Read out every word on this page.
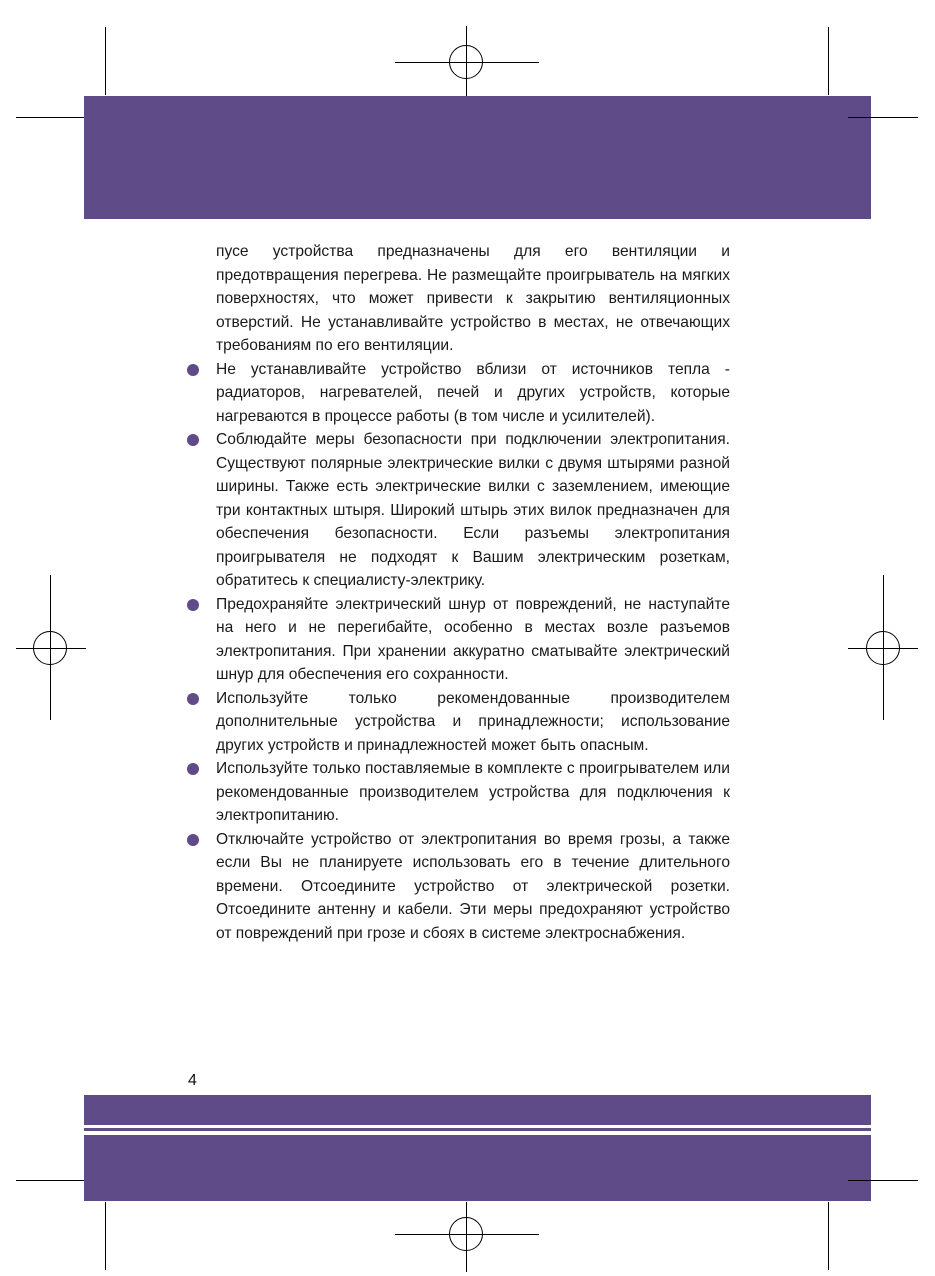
пусе устройства предназначены для его вентиляции и предотвращения перегрева. Не размещайте проигрыватель на мягких поверхностях, что может привести к закрытию вентиляционных отверстий. Не устанавливайте устройство в местах, не отвечающих требованиям по его вентиляции.

Не устанавливайте устройство вблизи от источников тепла - радиаторов, нагревателей, печей и других устройств, которые нагреваются в процессе работы (в том числе и усилителей).
Соблюдайте меры безопасности при подключении электропитания. Существуют полярные электрические вилки с двумя штырями разной ширины. Также есть электрические вилки с заземлением, имеющие три контактных штыря. Широкий штырь этих вилок предназначен для обеспечения безопасности. Если разъемы электропитания проигрывателя не подходят к Вашим электрическим розеткам, обратитесь к специалисту-электрику.
Предохраняйте электрический шнур от повреждений, не наступайте на него и не перегибайте, особенно в местах возле разъемов электропитания. При хранении аккуратно сматывайте электрический шнур для обеспечения его сохранности.
Используйте только рекомендованные производителем дополнительные устройства и принадлежности; использование других устройств и принадлежностей может быть опасным.
Используйте только поставляемые в комплекте с проигрывателем или рекомендованные производителем устройства для подключения к электропитанию.
Отключайте устройство от электропитания во время грозы, а также если Вы не планируете использовать его в течение длительного времени. Отсоедините устройство от электрической розетки. Отсоедините антенну и кабели. Эти меры предохраняют устройство от повреждений при грозе и сбоях в системе электроснабжения.
4
